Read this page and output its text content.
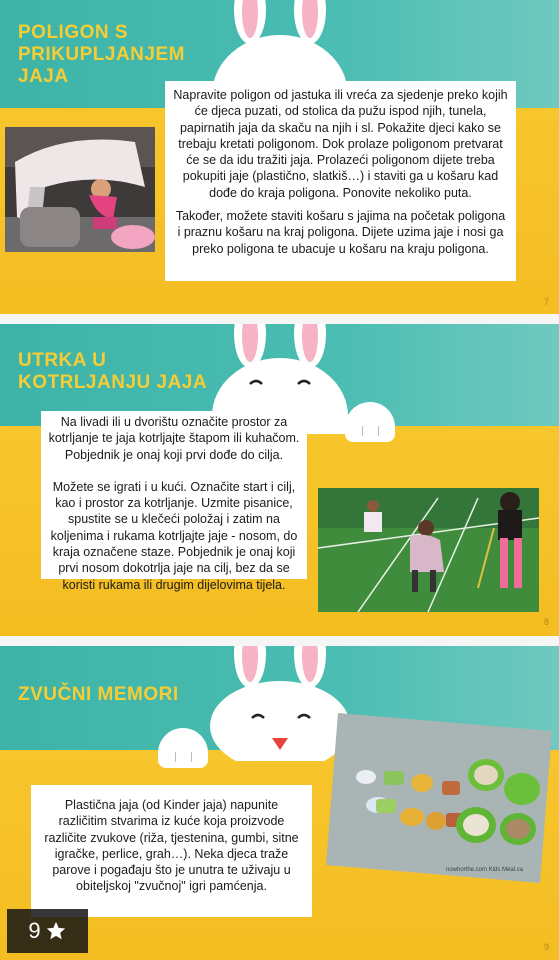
POLIGON S
PRIKUPLJANJEM
JAJA

Napravite poligon od jastuka ili vreća za sjedenje preko kojih će djeca puzati, od stolica da pužu ispod njih, tunela, papirnatih jaja da skaču na njih i sl. Pokažite djeci kako se trebaju kretati poligonom. Dok prolaze poligonom pretvarat će se da idu tražiti jaja. Prolazeći poligonom dijete treba pokupiti jaje (plastično, slatkiš…) i staviti ga u košaru kad dođe do kraja poligona. Ponovite nekoliko puta.

Također, možete staviti košaru s jajima na početak poligona i praznu košaru na kraj poligona. Dijete uzima jaje i nosi ga preko poligona te ubacuje u košaru na kraju poligona.

7
UTRKA U
KOTRLJANJU JAJA

Na livadi ili u dvorištu označite prostor za kotrljanje te jaja kotrljajte štapom ili kuhačom. Pobjednik je onaj koji prvi dođe do cilja.

Možete se igrati i u kući. Označite start i cilj, kao i prostor za kotrljanje. Uzmite pisanice, spustite se u klečeći položaj i zatim na koljenima i rukama kotrljajte jaje - nosom, do kraja označene staze. Pobjednik je onaj koji prvi nosom dokotrlja jaje na cilj, bez da se koristi rukama ili drugim dijelovima tijela.

8
ZVUČNI MEMORI
nowhorthe.com Kids Meal.ca

Plastična jaja (od Kinder jaja) napunite različitim stvarima iz kuće koja proizvode različite zvukove (riža, tjestenina, gumbi, sitne igračke, perlice, grah…). Neka djeca traže parove i pogađaju što je unutra te uživaju u obiteljskoj "zvučnoj" igri pamćenja.

9
9
